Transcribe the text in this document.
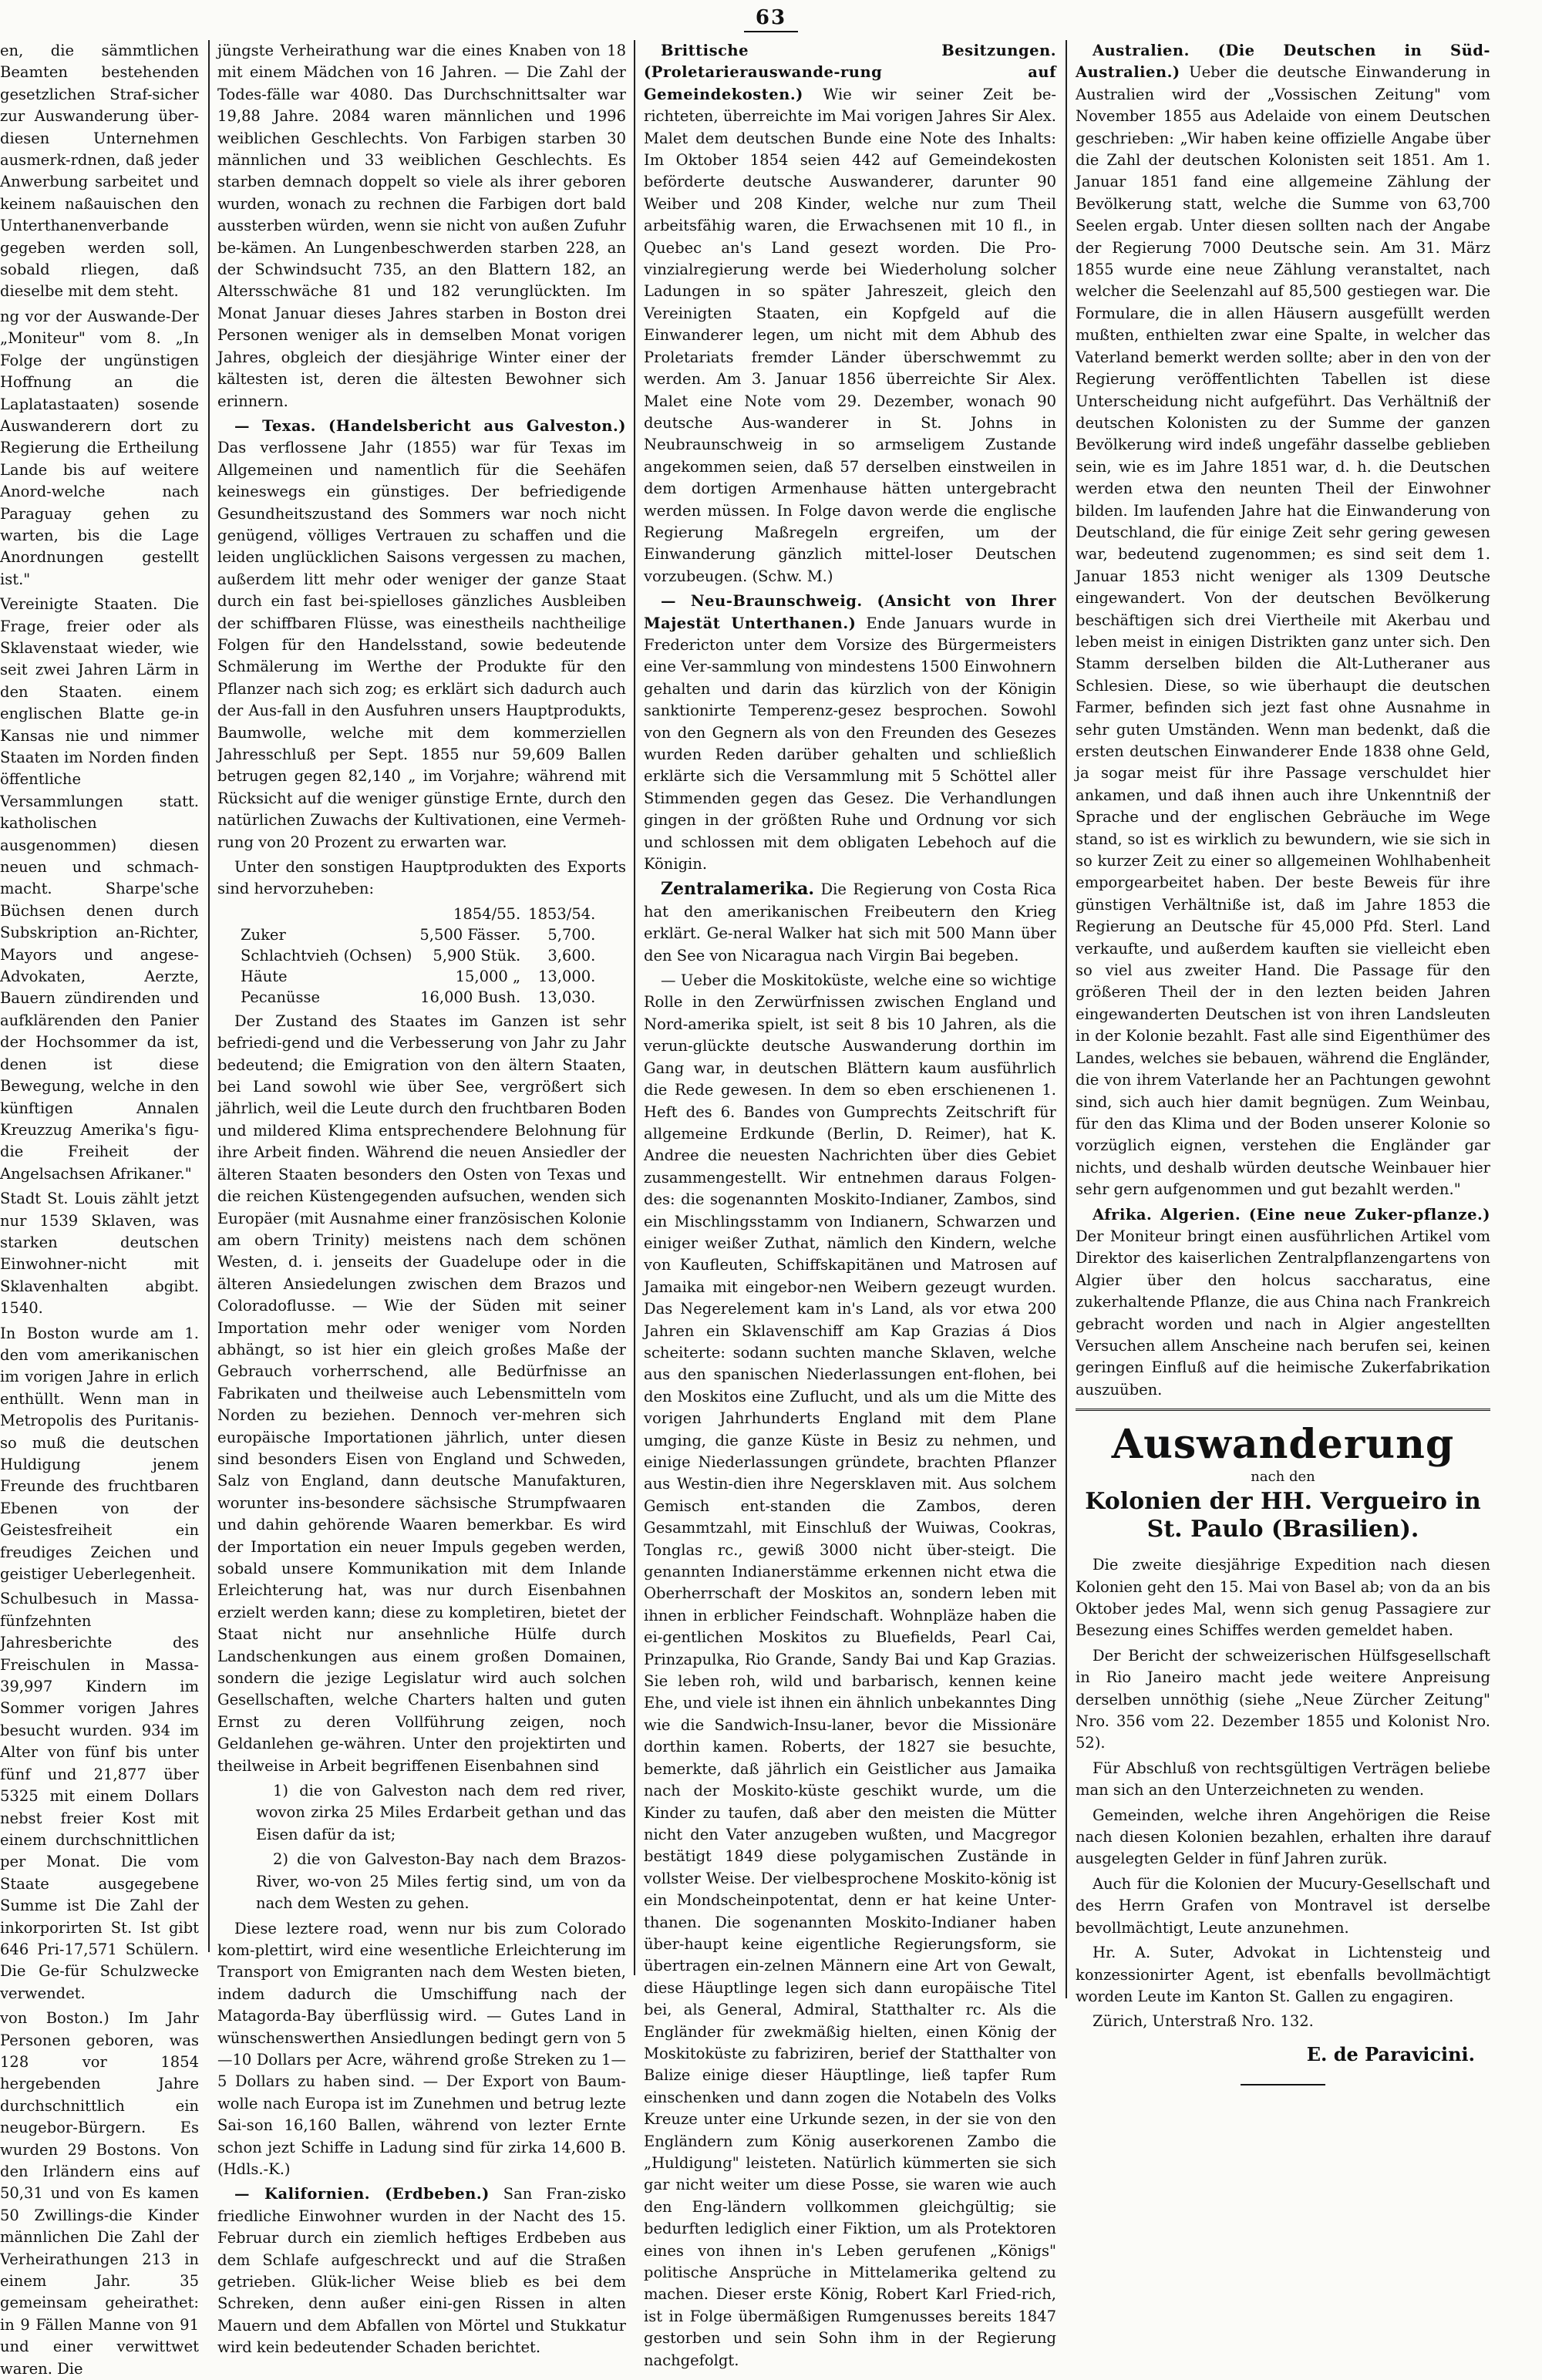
63

en, die sämmtlichen Beamten bestehenden gesetzlichen Straf-sicher zur Auswanderung über-diesen Unternehmen ausmerk-rdnen, daß jeder Anwerbung sarbeitet und keinem naßauischen den Unterthanenverbande gegeben werden soll, sobald rliegen, daß dieselbe mit dem steht.

ng vor der Auswande-Der „Moniteur" vom 8. „In Folge der ungünstigen Hoffnung an die Laplatastaaten) sosende Auswanderern dort zu Regierung die Ertheilung Lande bis auf weitere Anord-welche nach Paraguay gehen zu warten, bis die Lage Anordnungen gestellt ist."

Vereinigte Staaten. Die Frage, freier oder als Sklavenstaat wieder, wie seit zwei Jahren Lärm in den Staaten. einem englischen Blatte ge-in Kansas nie und nimmer Staaten im Norden finden öffentliche Versammlungen statt. katholischen ausgenommen) diesen neuen und schmach-macht. Sharpe'sche Büchsen denen durch Subskription an-Richter, Mayors und angese-Advokaten, Aerzte, Bauern zündirenden und aufklärenden den Panier der Hochsommer da ist, denen ist diese Bewegung, welche in den künftigen Annalen Kreuzzug Amerika's figu-die Freiheit der Angelsachsen Afrikaner."

Stadt St. Louis zählt jetzt nur 1539 Sklaven, was starken deutschen Einwohner-nicht mit Sklavenhalten abgibt. 1540.

In Boston wurde am 1. den vom amerikanischen im vorigen Jahre in erlich enthüllt. Wenn man in Metropolis des Puritanis-so muß die deutschen Huldigung jenem Freunde des fruchtbaren Ebenen von der Geistesfreiheit ein freudiges Zeichen und geistiger Ueberlegenheit.

Schulbesuch in Massa-fünfzehnten Jahresberichte des Freischulen in Massa-39,997 Kindern im Sommer vorigen Jahres besucht wurden. 934 im Alter von fünf bis unter fünf und 21,877 über 5325 mit einem Dollars nebst freier Kost mit einem durchschnittlichen per Monat. Die vom Staate ausgegebene Summe ist Die Zahl der inkorporirten St. Ist gibt 646 Pri-17,571 Schülern. Die Ge-für Schulzwecke verwendet.

von Boston.) Im Jahr Personen geboren, was 128 vor 1854 hergebenden Jahre durchschnittlich ein neugebor-Bürgern. Es wurden 29 Bostons. Von den Irländern eins auf 50,31 und von Es kamen 50 Zwillings-die Kinder männlichen Die Zahl der Verheirathungen 213 in einem Jahr. 35 gemeinsam geheirathet: in 9 Fällen Manne von 91 und einer verwittwet waren. Die

jüngste Verheirathung war die eines Knaben von 18 mit einem Mädchen von 16 Jahren. — Die Zahl der Todes-fälle war 4080. Das Durchschnittsalter war 19,88 Jahre. 2084 waren männlichen und 1996 weiblichen Geschlechts. Von Farbigen starben 30 männlichen und 33 weiblichen Geschlechts. Es starben demnach doppelt so viele als ihrer geboren wurden, wonach zu rechnen die Farbigen dort bald aussterben würden, wenn sie nicht von außen Zufuhr be-kämen. An Lungenbeschwerden starben 228, an der Schwindsucht 735, an den Blattern 182, an Altersschwäche 81 und 182 verunglückten. Im Monat Januar dieses Jahres starben in Boston drei Personen weniger als in demselben Monat vorigen Jahres, obgleich der diesjährige Winter einer der kältesten ist, deren die ältesten Bewohner sich erinnern.

— Texas. (Handelsbericht aus Galveston.) Das verflossene Jahr (1855) war für Texas im Allgemeinen und namentlich für die Seehäfen keineswegs ein günstiges. Der befriedigende Gesundheitszustand des Sommers war noch nicht genügend, völliges Vertrauen zu schaffen und die leiden unglücklichen Saisons vergessen zu machen, außerdem litt mehr oder weniger der ganze Staat durch ein fast bei-spielloses gänzliches Ausbleiben der schiffbaren Flüsse, was einestheils nachtheilige Folgen für den Handelsstand, sowie bedeutende Schmälerung im Werthe der Produkte für den Pflanzer nach sich zog; es erklärt sich dadurch auch der Aus-fall in den Ausfuhren unsers Hauptprodukts, Baumwolle, welche mit dem kommerziellen Jahresschluß per Sept. 1855 nur 59,609 Ballen betrugen gegen 82,140 „ im Vorjahre; während mit Rücksicht auf die weniger günstige Ernte, durch den natürlichen Zuwachs der Kultivationen, eine Vermeh-rung von 20 Prozent zu erwarten war.

Unter den sonstigen Hauptprodukten des Exports sind hervorzuheben:

	1854/55.	1853/54.
Zuker	5,500 Fässer.	5,700.
Schlachtvieh (Ochsen)	5,900 Stük.	3,600.
Häute	15,000 „	13,000.
Pecanüsse	16,000 Bush.	13,030.

Der Zustand des Staates im Ganzen ist sehr befriedi-gend und die Verbesserung von Jahr zu Jahr bedeutend; die Emigration von den ältern Staaten, bei Land sowohl wie über See, vergrößert sich jährlich, weil die Leute durch den fruchtbaren Boden und mildered Klima entsprechendere Belohnung für ihre Arbeit finden. Während die neuen Ansiedler der älteren Staaten besonders den Osten von Texas und die reichen Küstengegenden aufsuchen, wenden sich Europäer (mit Ausnahme einer französischen Kolonie am obern Trinity) meistens nach dem schönen Westen, d. i. jenseits der Guadelupe oder in die älteren Ansiedelungen zwischen dem Brazos und Coloradoflusse. — Wie der Süden mit seiner Importation mehr oder weniger vom Norden abhängt, so ist hier ein gleich großes Maße der Gebrauch vorherrschend, alle Bedürfnisse an Fabrikaten und theilweise auch Lebensmitteln vom Norden zu beziehen. Dennoch ver-mehren sich europäische Importationen jährlich, unter diesen sind besonders Eisen von England und Schweden, Salz von England, dann deutsche Manufakturen, worunter ins-besondere sächsische Strumpfwaaren und dahin gehörende Waaren bemerkbar. Es wird der Importation ein neuer Impuls gegeben werden, sobald unsere Kommunikation mit dem Inlande Erleichterung hat, was nur durch Eisenbahnen erzielt werden kann; diese zu kompletiren, bietet der Staat nicht nur ansehnliche Hülfe durch Landschenkungen aus einem großen Domainen, sondern die jezige Legislatur wird auch solchen Gesellschaften, welche Charters halten und guten Ernst zu deren Vollführung zeigen, noch Geldanlehen ge-währen. Unter den projektirten und theilweise in Arbeit begriffenen Eisenbahnen sind

1) die von Galveston nach dem red river, wovon zirka 25 Miles Erdarbeit gethan und das Eisen dafür da ist;

2) die von Galveston-Bay nach dem Brazos-River, wo-von 25 Miles fertig sind, um von da nach dem Westen zu gehen.

Diese leztere road, wenn nur bis zum Colorado kom-plettirt, wird eine wesentliche Erleichterung im Transport von Emigranten nach dem Westen bieten, indem dadurch die Umschiffung nach der Matagorda-Bay überflüssig wird. — Gutes Land in wünschenswerthen Ansiedlungen bedingt gern von 5—10 Dollars per Acre, während große Streken zu 1—5 Dollars zu haben sind. — Der Export von Baum-wolle nach Europa ist im Zunehmen und betrug lezte Sai-son 16,160 Ballen, während von lezter Ernte schon jezt Schiffe in Ladung sind für zirka 14,600 B. (Hdls.-K.)

— Kalifornien. (Erdbeben.) San Fran-zisko friedliche Einwohner wurden in der Nacht des 15. Februar durch ein ziemlich heftiges Erdbeben aus dem Schlafe aufgeschreckt und auf die Straßen getrieben. Glük-licher Weise blieb es bei dem Schreken, denn außer eini-gen Rissen in alten Mauern und dem Abfallen von Mörtel und Stukkatur wird kein bedeutender Schaden berichtet.

Brittische Besitzungen. (Proletarierauswande-rung auf Gemeindekosten.) Wie wir seiner Zeit be-richteten, überreichte im Mai vorigen Jahres Sir Alex. Malet dem deutschen Bunde eine Note des Inhalts: Im Oktober 1854 seien 442 auf Gemeindekosten beförderte deutsche Auswanderer, darunter 90 Weiber und 208 Kinder, welche nur zum Theil arbeitsfähig waren, die Erwachsenen mit 10 fl., in Quebec an's Land gesezt worden. Die Pro-vinzialregierung werde bei Wiederholung solcher Ladungen in so später Jahreszeit, gleich den Vereinigten Staaten, ein Kopfgeld auf die Einwanderer legen, um nicht mit dem Abhub des Proletariats fremder Länder überschwemmt zu werden. Am 3. Januar 1856 überreichte Sir Alex. Malet eine Note vom 29. Dezember, wonach 90 deutsche Aus-wanderer in St. Johns in Neubraunschweig in so armseligem Zustande angekommen seien, daß 57 derselben einstweilen in dem dortigen Armenhause hätten untergebracht werden müssen. In Folge davon werde die englische Regierung Maßregeln ergreifen, um der Einwanderung gänzlich mittel-loser Deutschen vorzubeugen. (Schw. M.)

— Neu-Braunschweig. (Ansicht von Ihrer Majestät Unterthanen.) Ende Januars wurde in Fredericton unter dem Vorsize des Bürgermeisters eine Ver-sammlung von mindestens 1500 Einwohnern gehalten und darin das kürzlich von der Königin sanktionirte Temperenz-gesez besprochen. Sowohl von den Gegnern als von den Freunden des Gesezes wurden Reden darüber gehalten und schließlich erklärte sich die Versammlung mit 5 Schöttel aller Stimmenden gegen das Gesez. Die Verhandlungen gingen in der größten Ruhe und Ordnung vor sich und schlossen mit dem obligaten Lebehoch auf die Königin.

Zentralamerika. Die Regierung von Costa Rica hat den amerikanischen Freibeutern den Krieg erklärt. Ge-neral Walker hat sich mit 500 Mann über den See von Nicaragua nach Virgin Bai begeben.

— Ueber die Moskitoküste, welche eine so wichtige Rolle in den Zerwürfnissen zwischen England und Nord-amerika spielt, ist seit 8 bis 10 Jahren, als die verun-glückte deutsche Auswanderung dorthin im Gang war, in deutschen Blättern kaum ausführlich die Rede gewesen. In dem so eben erschienenen 1. Heft des 6. Bandes von Gumprechts Zeitschrift für allgemeine Erdkunde (Berlin, D. Reimer), hat K. Andree die neuesten Nachrichten über dies Gebiet zusammengestellt. Wir entnehmen daraus Folgen-des: die sogenannten Moskito-Indianer, Zambos, sind ein Mischlingsstamm von Indianern, Schwarzen und einiger weißer Zuthat, nämlich den Kindern, welche von Kaufleuten, Schiffskapitänen und Matrosen auf Jamaika mit eingebor-nen Weibern gezeugt wurden. Das Negerelement kam in's Land, als vor etwa 200 Jahren ein Sklavenschiff am Kap Grazias á Dios scheiterte: sodann suchten manche Sklaven, welche aus den spanischen Niederlassungen ent-flohen, bei den Moskitos eine Zuflucht, und als um die Mitte des vorigen Jahrhunderts England mit dem Plane umging, die ganze Küste in Besiz zu nehmen, und einige Niederlassungen gründete, brachten Pflanzer aus Westin-dien ihre Negersklaven mit. Aus solchem Gemisch ent-standen die Zambos, deren Gesammtzahl, mit Einschluß der Wuiwas, Cookras, Tonglas rc., gewiß 3000 nicht über-steigt. Die genannten Indianerstämme erkennen nicht etwa die Oberherrschaft der Moskitos an, sondern leben mit ihnen in erblicher Feindschaft. Wohnpläze haben die ei-gentlichen Moskitos zu Bluefields, Pearl Cai, Prinzapulka, Rio Grande, Sandy Bai und Kap Grazias. Sie leben roh, wild und barbarisch, kennen keine Ehe, und viele ist ihnen ein ähnlich unbekanntes Ding wie die Sandwich-Insu-laner, bevor die Missionäre dorthin kamen. Roberts, der 1827 sie besuchte, bemerkte, daß jährlich ein Geistlicher aus Jamaika nach der Moskito-küste geschikt wurde, um die Kinder zu taufen, daß aber den meisten die Mütter nicht den Vater anzugeben wußten, und Macgregor bestätigt 1849 diese polygamischen Zustände in vollster Weise. Der vielbesprochene Moskito-könig ist ein Mondscheinpotentat, denn er hat keine Unter-thanen. Die sogenannten Moskito-Indianer haben über-haupt keine eigentliche Regierungsform, sie übertragen ein-zelnen Männern eine Art von Gewalt, diese Häuptlinge legen sich dann europäische Titel bei, als General, Admiral, Statthalter rc. Als die Engländer für zwekmäßig hielten, einen König der Moskitoküste zu fabriziren, berief der Statthalter von Balize einige dieser Häuptlinge, ließ tapfer Rum einschenken und dann zogen die Notabeln des Volks Kreuze unter eine Urkunde sezen, in der sie von den Engländern zum König auserkorenen Zambo die „Huldigung" leisteten. Natürlich kümmerten sie sich gar nicht weiter um diese Posse, sie waren wie auch den Eng-ländern vollkommen gleichgültig; sie bedurften lediglich einer Fiktion, um als Protektoren eines von ihnen in's Leben gerufenen „Königs" politische Ansprüche in Mittelamerika geltend zu machen. Dieser erste König, Robert Karl Fried-rich, ist in Folge übermäßigen Rumgenusses bereits 1847 gestorben und sein Sohn ihm in der Regierung nachgefolgt.

Australien. (Die Deutschen in Süd-Australien.) Ueber die deutsche Einwanderung in Australien wird der „Vossischen Zeitung" vom November 1855 aus Adelaide von einem Deutschen geschrieben: „Wir haben keine offizielle Angabe über die Zahl der deutschen Kolonisten seit 1851. Am 1. Januar 1851 fand eine allgemeine Zählung der Bevölkerung statt, welche die Summe von 63,700 Seelen ergab. Unter diesen sollten nach der Angabe der Regierung 7000 Deutsche sein. Am 31. März 1855 wurde eine neue Zählung veranstaltet, nach welcher die Seelenzahl auf 85,500 gestiegen war. Die Formulare, die in allen Häusern ausgefüllt werden mußten, enthielten zwar eine Spalte, in welcher das Vaterland bemerkt werden sollte; aber in den von der Regierung veröffentlichten Tabellen ist diese Unterscheidung nicht aufgeführt. Das Verhältniß der deutschen Kolonisten zu der Summe der ganzen Bevölkerung wird indeß ungefähr dasselbe geblieben sein, wie es im Jahre 1851 war, d. h. die Deutschen werden etwa den neunten Theil der Einwohner bilden. Im laufenden Jahre hat die Einwanderung von Deutschland, die für einige Zeit sehr gering gewesen war, bedeutend zugenommen; es sind seit dem 1. Januar 1853 nicht weniger als 1309 Deutsche eingewandert. Von der deutschen Bevölkerung beschäftigen sich drei Viertheile mit Akerbau und leben meist in einigen Distrikten ganz unter sich. Den Stamm derselben bilden die Alt-Lutheraner aus Schlesien. Diese, so wie überhaupt die deutschen Farmer, befinden sich jezt fast ohne Ausnahme in sehr guten Umständen. Wenn man bedenkt, daß die ersten deutschen Einwanderer Ende 1838 ohne Geld, ja sogar meist für ihre Passage verschuldet hier ankamen, und daß ihnen auch ihre Unkenntniß der Sprache und der englischen Gebräuche im Wege stand, so ist es wirklich zu bewundern, wie sie sich in so kurzer Zeit zu einer so allgemeinen Wohlhabenheit emporgearbeitet haben. Der beste Beweis für ihre günstigen Verhältniße ist, daß im Jahre 1853 die Regierung an Deutsche für 45,000 Pfd. Sterl. Land verkaufte, und außerdem kauften sie vielleicht eben so viel aus zweiter Hand. Die Passage für den größeren Theil der in den lezten beiden Jahren eingewanderten Deutschen ist von ihren Landsleuten in der Kolonie bezahlt. Fast alle sind Eigenthümer des Landes, welches sie bebauen, während die Engländer, die von ihrem Vaterlande her an Pachtungen gewohnt sind, sich auch hier damit begnügen. Zum Weinbau, für den das Klima und der Boden unserer Kolonie so vorzüglich eignen, verstehen die Engländer gar nichts, und deshalb würden deutsche Weinbauer hier sehr gern aufgenommen und gut bezahlt werden."

Afrika. Algerien. (Eine neue Zuker-pflanze.) Der Moniteur bringt einen ausführlichen Artikel vom Direktor des kaiserlichen Zentralpflanzengartens von Algier über den holcus saccharatus, eine zukerhaltende Pflanze, die aus China nach Frankreich gebracht worden und nach in Algier angestellten Versuchen allem Anscheine nach berufen sei, keinen geringen Einfluß auf die heimische Zukerfabrikation auszuüben.

Auswanderung
nach den
Kolonien der HH. Vergueiro in St. Paulo (Brasilien).

Die zweite diesjährige Expedition nach diesen Kolonien geht den 15. Mai von Basel ab; von da an bis Oktober jedes Mal, wenn sich genug Passagiere zur Besezung eines Schiffes werden gemeldet haben.

Der Bericht der schweizerischen Hülfsgesellschaft in Rio Janeiro macht jede weitere Anpreisung derselben unnöthig (siehe „Neue Zürcher Zeitung" Nro. 356 vom 22. Dezember 1855 und Kolonist Nro. 52).

Für Abschluß von rechtsgültigen Verträgen beliebe man sich an den Unterzeichneten zu wenden.

Gemeinden, welche ihren Angehörigen die Reise nach diesen Kolonien bezahlen, erhalten ihre darauf ausgelegten Gelder in fünf Jahren zurük.

Auch für die Kolonien der Mucury-Gesellschaft und des Herrn Grafen von Montravel ist derselbe bevollmächtigt, Leute anzunehmen.

Hr. A. Suter, Advokat in Lichtensteig und konzessionirter Agent, ist ebenfalls bevollmächtigt worden Leute im Kanton St. Gallen zu engagiren.

Zürich, Unterstraß Nro. 132.

E. de Paravicini.
